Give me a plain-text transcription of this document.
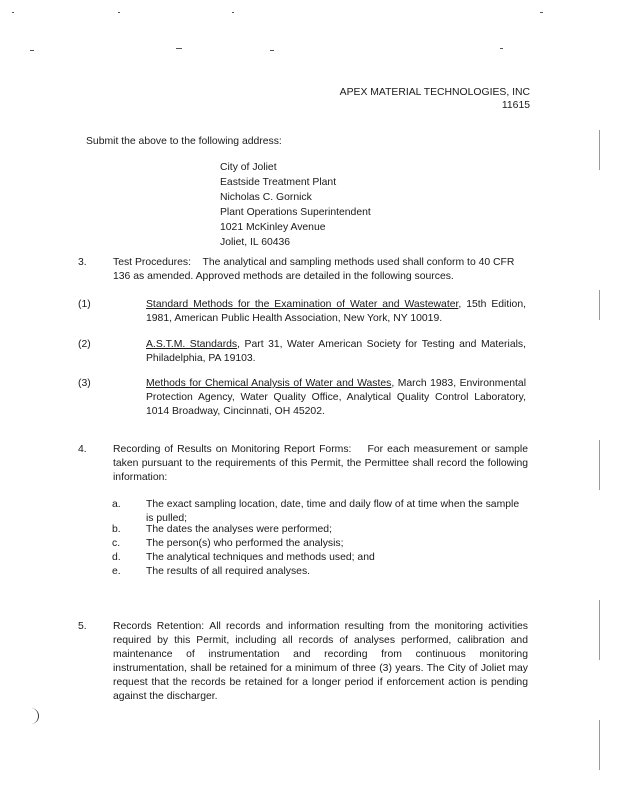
APEX MATERIAL TECHNOLOGIES, INC
11615
Submit the above to the following address:
City of Joliet
Eastside Treatment Plant
Nicholas C. Gornick
Plant Operations Superintendent
1021 McKinley Avenue
Joliet, IL 60436
3.	Test Procedures: The analytical and sampling methods used shall conform to 40 CFR 136 as amended. Approved methods are detailed in the following sources.
(1)	Standard Methods for the Examination of Water and Wastewater, 15th Edition, 1981, American Public Health Association, New York, NY 10019.
(2)	A.S.T.M. Standards, Part 31, Water American Society for Testing and Materials, Philadelphia, PA 19103.
(3)	Methods for Chemical Analysis of Water and Wastes, March 1983, Environmental Protection Agency, Water Quality Office, Analytical Quality Control Laboratory, 1014 Broadway, Cincinnati, OH 45202.
4.	Recording of Results on Monitoring Report Forms: For each measurement or sample taken pursuant to the requirements of this Permit, the Permittee shall record the following information:
a. The exact sampling location, date, time and daily flow of at time when the sample is pulled;
b. The dates the analyses were performed;
c. The person(s) who performed the analysis;
d. The analytical techniques and methods used; and
e. The results of all required analyses.
5.	Records Retention: All records and information resulting from the monitoring activities required by this Permit, including all records of analyses performed, calibration and maintenance of instrumentation and recording from continuous monitoring instrumentation, shall be retained for a minimum of three (3) years. The City of Joliet may request that the records be retained for a longer period if enforcement action is pending against the discharger.
